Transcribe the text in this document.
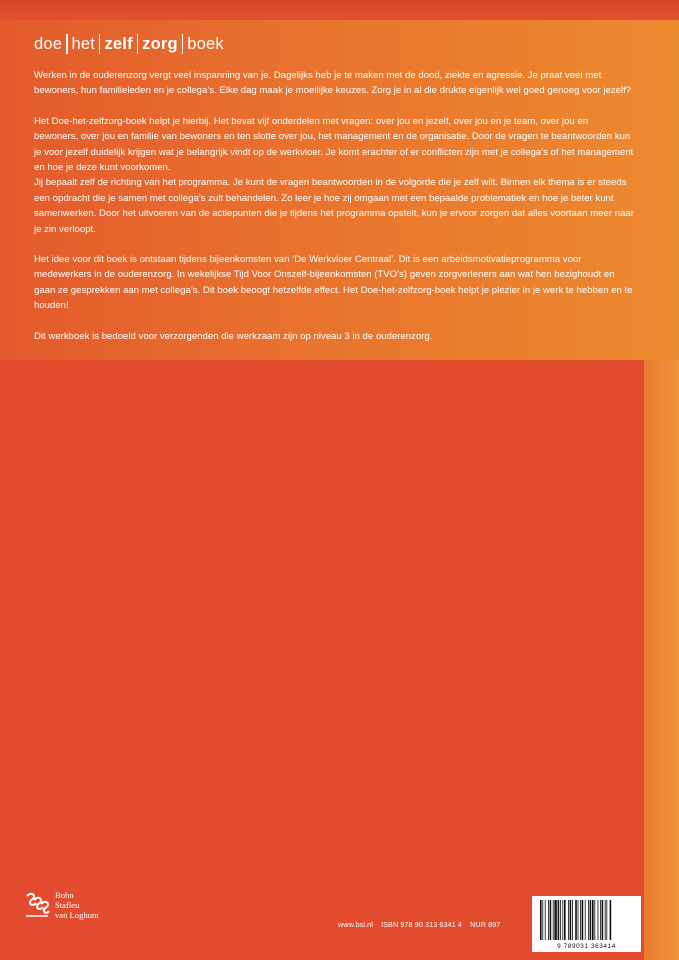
doe het zelf zorg boek

Werken in de ouderenzorg vergt veel inspanning van je. Dagelijks heb je te maken met de dood, ziekte en agressie. Je praat veel met bewoners, hun familieleden en je collega’s. Elke dag maak je moeilijke keuzes. Zorg je in al die drukte eigenlijk wel goed genoeg voor jezelf?

Het Doe-het-zelfzorg-boek helpt je hierbij. Het bevat vijf onderdelen met vragen: over jou en jezelf, over jou en je team, over jou en bewoners, over jou en familie van bewoners en ten slotte over jou, het management en de organisatie. Door de vragen te beantwoorden kun je voor jezelf duidelijk krijgen wat je belangrijk vindt op de werkvloer. Je komt erachter of er conflicten zijn met je collega’s of het management en hoe je deze kunt voorkomen.

Jij bepaalt zelf de richting van het programma. Je kunt de vragen beantwoorden in de volgorde die je zelf wilt. Binnen elk thema is er steeds een opdracht die je samen met collega’s zult behandelen. Zo leer je hoe zij omgaan met een bepaalde problematiek en hoe je beter kunt samenwerken. Door het uitvoeren van de actiepunten die je tijdens het programma opstelt, kun je ervoor zorgen dat alles voortaan meer naar je zin verloopt.

Het idee voor dit boek is ontstaan tijdens bijeenkomsten van ‘De Werkvloer Centraal’. Dit is een arbeidsmotivatieprogramma voor medewerkers in de ouderenzorg. In wekelijkse Tijd Voor Onszelf-bijeenkomsten (TVO’s) geven zorgverleners aan wat hen bezighoudt en gaan ze gesprekken aan met collega’s. Dit boek beoogt hetzelfde effect. Het Doe-het-zelfzorg-boek helpt je plezier in je werk te hebben en te houden!

Dit werkboek is bedoeld voor verzorgenden die werkzaam zijn op niveau 3 in de ouderenzorg.

Bohn
Stafleu
van Loghum
www.bsl.nl ISBN 978 90 313 6341 4 NUR 897
9 789031 363414
